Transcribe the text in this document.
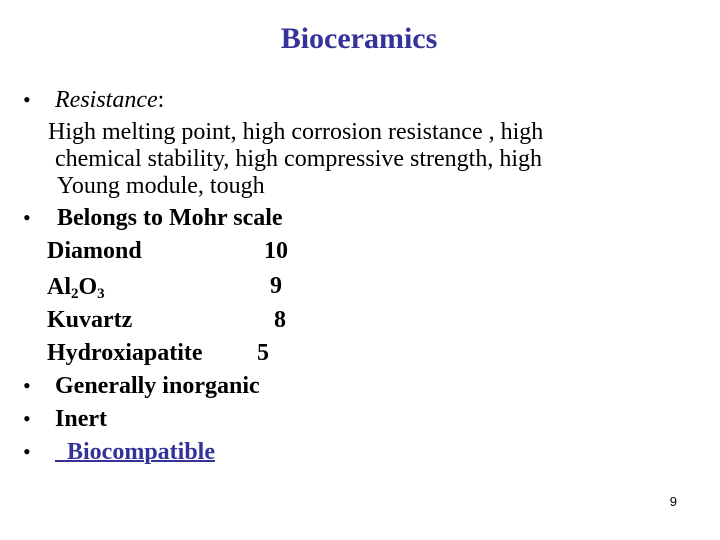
Bioceramics
• Resistance:
High melting point, high corrosion resistance , high
chemical stability, high compressive strength, high
Young module, tough
• Belongs to Mohr scale
Diamond	10
$Al_2O_3$	9
Kuvartz	8
Hydroxiapatite 5
• Generally inorganic
• Inert
• Biocompatible
9
